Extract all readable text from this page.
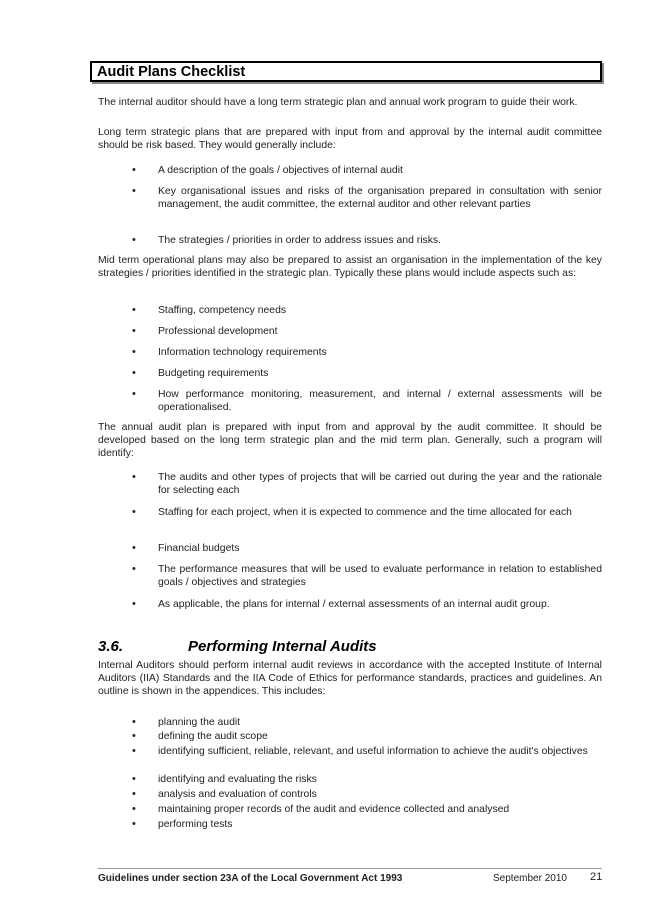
Audit Plans Checklist
The internal auditor should have a long term strategic plan and annual work program to guide their work.
Long term strategic plans that are prepared with input from and approval by the internal audit committee should be risk based. They would generally include:
•	A description of the goals / objectives of internal audit
•	Key organisational issues and risks of the organisation prepared in consultation with senior management, the audit committee, the external auditor and other relevant parties
•	The strategies / priorities in order to address issues and risks.
Mid term operational plans may also be prepared to assist an organisation in the implementation of the key strategies / priorities identified in the strategic plan. Typically these plans would include aspects such as:
•	Staffing, competency needs
•	Professional development
•	Information technology requirements
•	Budgeting requirements
•	How performance monitoring, measurement, and internal / external assessments will be operationalised.
The annual audit plan is prepared with input from and approval by the audit committee. It should be developed based on the long term strategic plan and the mid term plan. Generally, such a program will identify:
•	The audits and other types of projects that will be carried out during the year and the rationale for selecting each
•	Staffing for each project, when it is expected to commence and the time allocated for each
•	Financial budgets
•	The performance measures that will be used to evaluate performance in relation to established goals / objectives and strategies
•	As applicable, the plans for internal / external assessments of an internal audit group.
3.6.	Performing Internal Audits
Internal Auditors should perform internal audit reviews in accordance with the accepted Institute of Internal Auditors (IIA) Standards and the IIA Code of Ethics for performance standards, practices and guidelines. An outline is shown in the appendices. This includes:
•	planning the audit
•	defining the audit scope
•	identifying sufficient, reliable, relevant, and useful information to achieve the audit's objectives
•	identifying and evaluating the risks
•	analysis and evaluation of controls
•	maintaining proper records of the audit and evidence collected and analysed
•	performing tests
Guidelines under section 23A of the Local Government Act 1993	September 2010 21
